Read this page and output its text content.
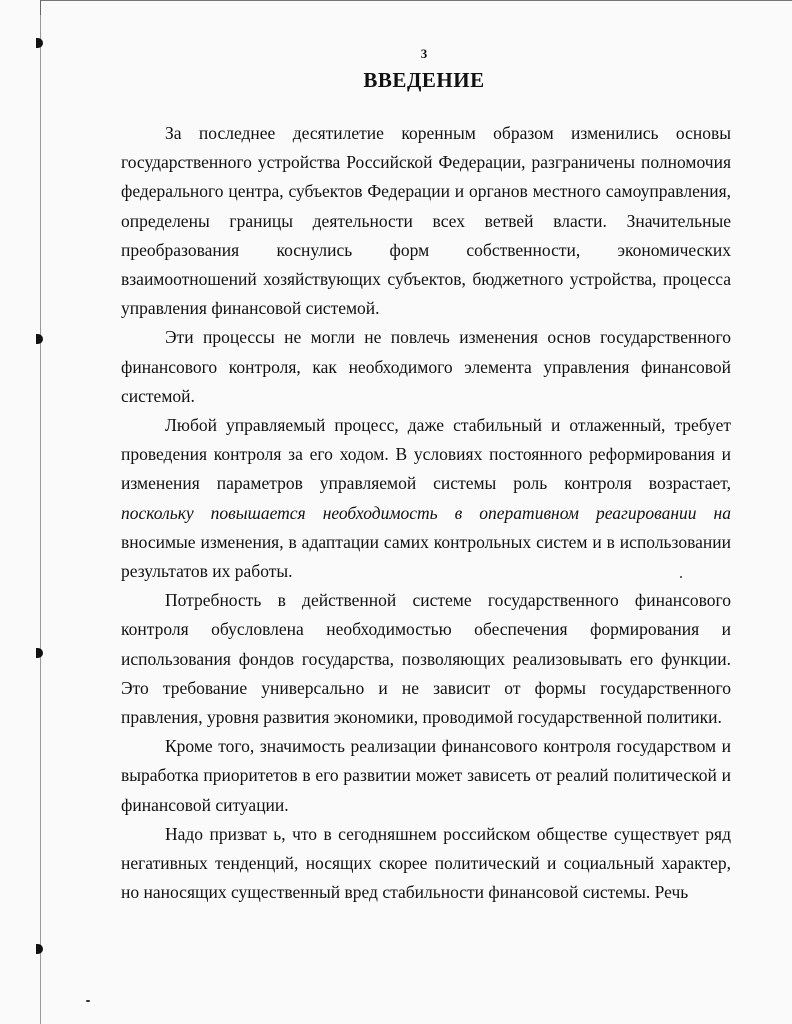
3
ВВЕДЕНИЕ

За последнее десятилетие коренным образом изменились основы государственного устройства Российской Федерации, разграничены полномочия федерального центра, субъектов Федерации и органов местного самоуправления, определены границы деятельности всех ветвей власти. Значительные преобразования коснулись форм собственности, экономических взаимоотношений хозяйствующих субъектов, бюджетного устройства, процесса управления финансовой системой.

Эти процессы не могли не повлечь изменения основ государственного финансового контроля, как необходимого элемента управления финансовой системой.

Любой управляемый процесс, даже стабильный и отлаженный, требует проведения контроля за его ходом. В условиях постоянного реформирования и изменения параметров управляемой системы роль контроля возрастает, поскольку повышается необходимость в оперативном реагировании на вносимые изменения, в адаптации самих контрольных систем и в использовании результатов их работы.

Потребность в действенной системе государственного финансового контроля обусловлена необходимостью обеспечения формирования и использования фондов государства, позволяющих реализовывать его функции. Это требование универсально и не зависит от формы государственного правления, уровня развития экономики, проводимой государственной политики.

Кроме того, значимость реализации финансового контроля государством и выработка приоритетов в его развитии может зависеть от реалий политической и финансовой ситуации.

Надо призват ь, что в сегодняшнем российском обществе существует ряд негативных тенденций, носящих скорее политический и социальный характер, но наносящих существенный вред стабильности финансовой системы. Речь
